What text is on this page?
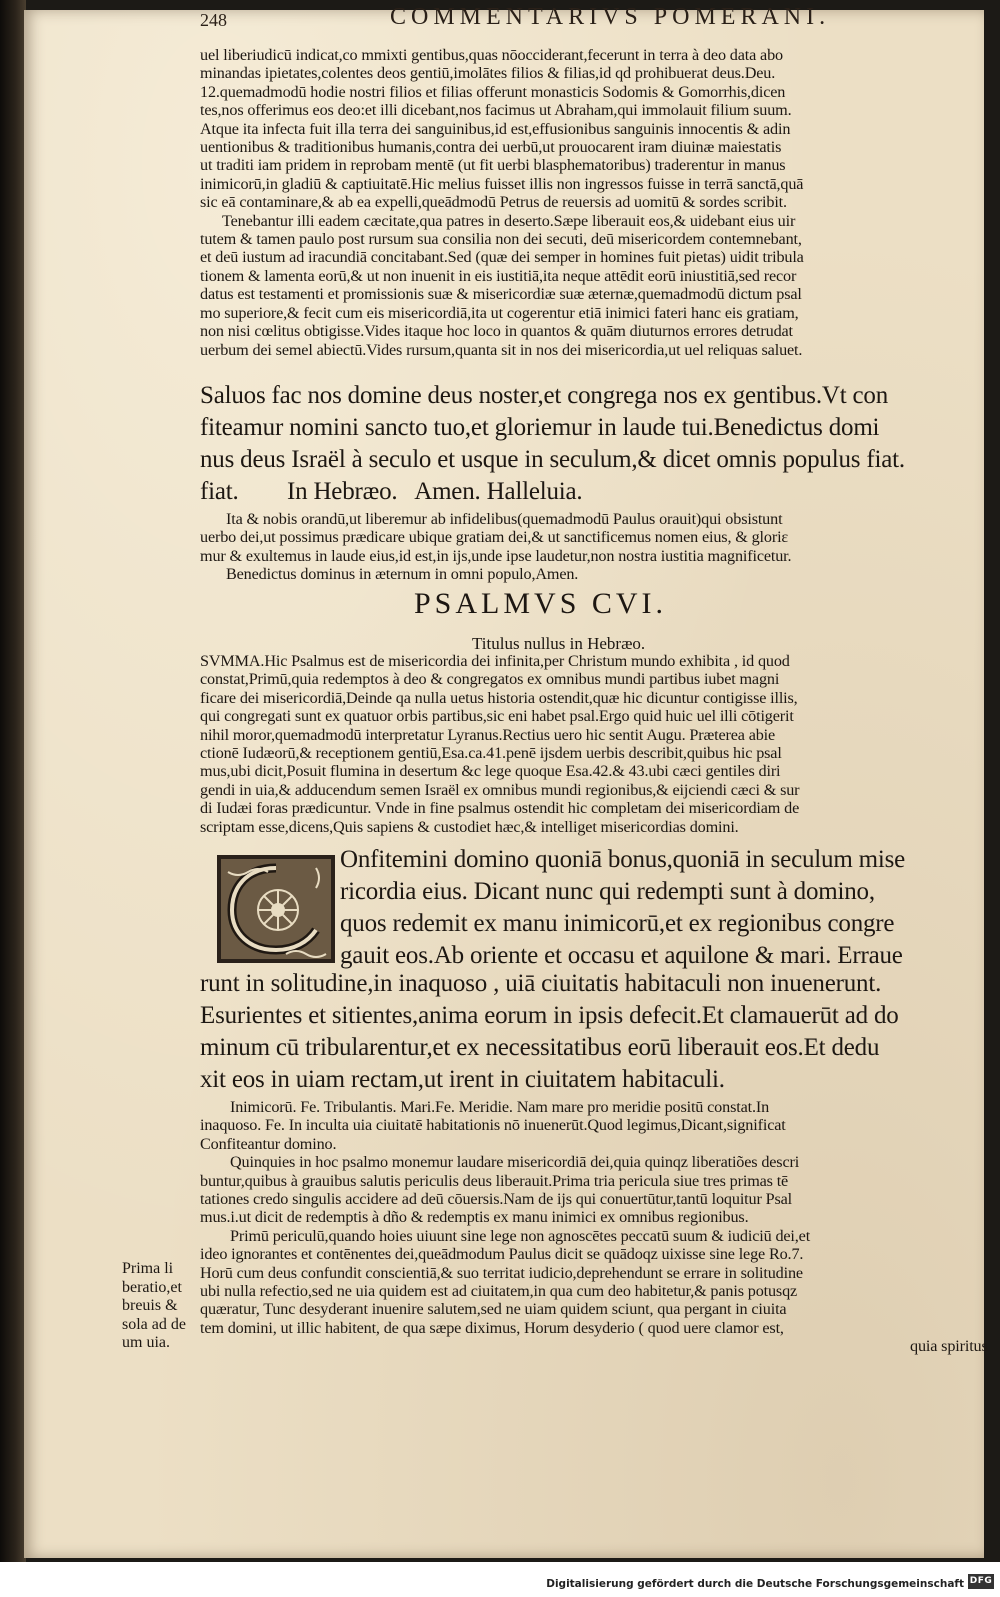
248	COMMENTARIVS POMERANI.
uel liberiudicū indicat,co mmixti gentibus,quas nōocciderant,fecerunt in terra à deo data abo
minandas ipietates,colentes deos gentiū,imolātes filios & filias,id qd prohibuerat deus.Deu.
12.quemadmodū hodie nostri filios et filias offerunt monasticis Sodomis & Gomorrhis,dicen
tes,nos offerimus eos deo:et illi dicebant,nos facimus ut Abraham,qui immolauit filium suum.
Atque ita infecta fuit illa terra dei sanguinibus,id est,effusionibus sanguinis innocentis & adin
uentionibus & traditionibus humanis,contra dei uerbū,ut prouocarent iram diuinæ maiestatis
ut traditi iam pridem in reprobam mentē (ut fit uerbi blasphematoribus) traderentur in manus
inimicorū,in gladiū & captiuitatē.Hic melius fuisset illis non ingressos fuisse in terrā sanctā,quā
sic eā contaminare,& ab ea expelli,queādmodū Petrus de reuersis ad uomitū & sordes scribit.
Tenebantur illi eadem cæcitate,qua patres in deserto.Sæpe liberauit eos,& uidebant eius uir
tutem & tamen paulo post rursum sua consilia non dei secuti, deū misericordem contemnebant,
et deū iustum ad iracundiā concitabant.Sed (quæ dei semper in homines fuit pietas) uidit tribula
tionem & lamenta eorū,& ut non inuenit in eis iustitiā,ita neque attēdit eorū iniustitiā,sed recor
datus est testamenti et promissionis suæ & misericordiæ suæ æternæ,quemadmodū dictum psal
mo superiore,& fecit cum eis misericordiā,ita ut cogerentur etiā inimici fateri hanc eis gratiam,
non nisi cœlitus obtigisse.Vides itaque hoc loco in quantos & quām diuturnos errores detrudat
uerbum dei semel abiectū.Vides rursum,quanta sit in nos dei misericordia,ut uel reliquas saluet.
Saluos fac nos domine deus noster,et congrega nos ex gentibus.Vt con
fiteamur nomini sancto tuo,et gloriemur in laude tui.Benedictus domi
nus deus Israël à seculo et usque in seculum,& dicet omnis populus fiat.
fiat.        In Hebræo.   Amen. Halleluia.
Ita & nobis orandū,ut liberemur ab infidelibus(quemadmodū Paulus orauit)qui obsistunt
uerbo dei,ut possimus prædicare ubique gratiam dei,& ut sanctificemus nomen eius, & gloriε
mur & exultemus in laude eius,id est,in ijs,unde ipse laudetur,non nostra iustitia magnificetur.
Benedictus dominus in æternum in omni populo,Amen.
PSALMVS CVI.
Titulus nullus in Hebræo.
SVMMA.Hic Psalmus est de misericordia dei infinita,per Christum mundo exhibita , id quod
constat,Primū,quia redemptos à deo & congregatos ex omnibus mundi partibus iubet magni
ficare dei misericordiā,Deinde qa nulla uetus historia ostendit,quæ hic dicuntur contigisse illis,
qui congregati sunt ex quatuor orbis partibus,sic eni habet psal.Ergo quid huic uel illi cōtigerit
nihil moror,quemadmodū interpretatur Lyranus.Rectius uero hic sentit Augu. Præterea abie
ctionē Iudæorū,& receptionem gentiū,Esa.ca.41.penē ijsdem uerbis describit,quibus hic psal
mus,ubi dicit,Posuit flumina in desertum &c lege quoque Esa.42.& 43.ubi cæci gentiles diri
gendi in uia,& adducendum semen Israël ex omnibus mundi regionibus,& eijciendi cæci & sur
di Iudæi foras prædicuntur. Vnde in fine psalmus ostendit hic completam dei misericordiam de
scriptam esse,dicens,Quis sapiens & custodiet hæc,& intelliget misericordias domini.
Onfitemini domino quoniā bonus,quoniā in seculum mise
ricordia eius. Dicant nunc qui redempti sunt à domino,
quos redemit ex manu inimicorū,et ex regionibus congre
gauit eos.Ab oriente et occasu et aquilone & mari. Erraue
runt in solitudine,in inaquoso , uiā ciuitatis habitaculi non inuenerunt.
Esurientes et sitientes,anima eorum in ipsis defecit.Et clamauerūt ad do
minum cū tribularentur,et ex necessitatibus eorū liberauit eos.Et dedu
xit eos in uiam rectam,ut irent in ciuitatem habitaculi.
Inimicorū. Fe. Tribulantis. Mari.Fe. Meridie. Nam mare pro meridie positū constat.In
inaquoso. Fe. In inculta uia ciuitatē habitationis nō inuenerūt.Quod legimus,Dicant,significat
Confiteantur domino.
Quinquies in hoc psalmo monemur laudare misericordiā dei,quia quinqz liberatiões descri
buntur,quibus à grauibus salutis periculis deus liberauit.Prima tria pericula siue tres primas tē
tationes credo singulis accidere ad deū cōuersis.Nam de ijs qui conuertūtur,tantū loquitur Psal
mus.i.ut dicit de redemptis à dño & redemptis ex manu inimici ex omnibus regionibus.
Primū periculū,quando hoies uiuunt sine lege non agnoscētes peccatū suum & iudiciū dei,et
ideo ignorantes et contēnentes dei,queādmodum Paulus dicit se quādoqz uixisse sine lege Ro.7.
Horū cum deus confundit conscientiā,& suo territat iudicio,deprehendunt se errare in solitudine
ubi nulla refectio,sed ne uia quidem est ad ciuitatem,in qua cum deo habitetur,& panis potusqz
quæratur, Tunc desyderant inuenire salutem,sed ne uiam quidem sciunt, qua pergant in ciuita
tem domini, ut illic habitent, de qua sæpe diximus, Horum desyderio ( quod uere clamor est,
quia spiritus
Prima li
beratio,et
breuis &
sola ad de
um uia.
Digitalisierung gefördert durch die Deutsche Forschungsgemeinschaft DFG
